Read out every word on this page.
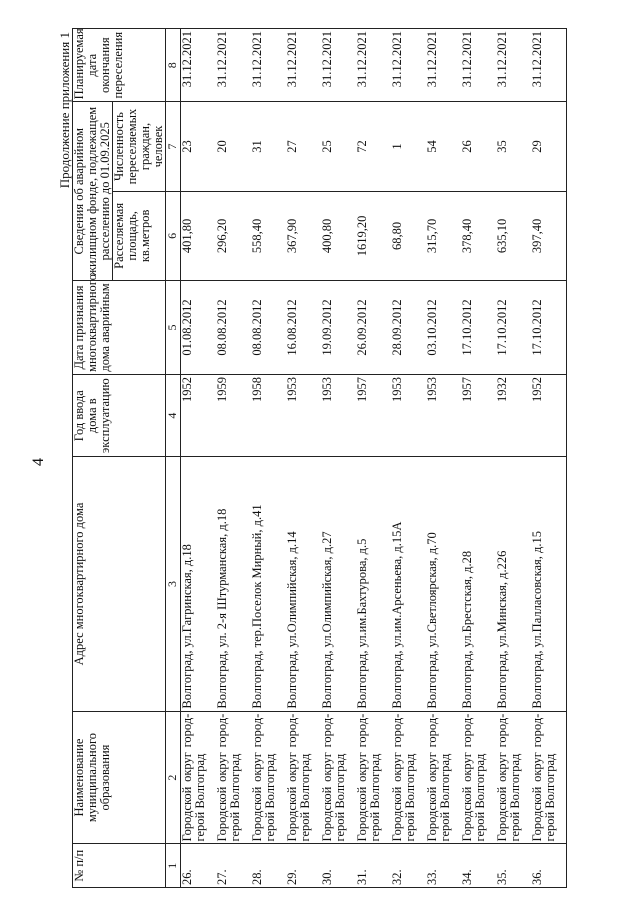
Продолжение приложения 1
№ п/п	Наименование муниципального образования	Адрес многоквартирного дома	Год ввода дома в эксплуатацию	Дата признания многоквартирного дома аварийным	Сведения об аварийном жилищном фонде, подлежащем расселению до 01.09.2025		Планируемая дата окончания переселения
					Расселяемая площадь, кв.метров	Численность переселяемых граждан, человек	
1	2	3	4	5	6	7	8
26.	Городской округ город-герой Волгоград	Волгоград, ул.Гагринская, д.18	1952	01.08.2012	401,80	23	31.12.2021
27.	Городской округ город-герой Волгоград	Волгоград, ул. 2-я Штурманская, д.18	1959	08.08.2012	296,20	20	31.12.2021
28.	Городской округ город-герой Волгоград	Волгоград, тер.Поселок Мирный, д.41	1958	08.08.2012	558,40	31	31.12.2021
29.	Городской округ город-герой Волгоград	Волгоград, ул.Олимпийская, д.14	1953	16.08.2012	367,90	27	31.12.2021
30.	Городской округ город-герой Волгоград	Волгоград, ул.Олимпийская, д.27	1953	19.09.2012	400,80	25	31.12.2021
31.	Городской округ город-герой Волгоград	Волгоград, ул.им.Бахтурова, д.5	1957	26.09.2012	1619,20	72	31.12.2021
32.	Городской округ город-герой Волгоград	Волгоград, ул.им.Арсеньева, д.15А	1953	28.09.2012	68,80	1	31.12.2021
33.	Городской округ город-герой Волгоград	Волгоград, ул.Светлоярская, д.70	1953	03.10.2012	315,70	54	31.12.2021
34.	Городской округ город-герой Волгоград	Волгоград, ул.Брестская, д.28	1957	17.10.2012	378,40	26	31.12.2021
35.	Городской округ город-герой Волгоград	Волгоград, ул.Минская, д.226	1932	17.10.2012	635,10	35	31.12.2021
36.	Городской округ город-герой Волгоград	Волгоград, ул.Палласовская, д.15	1952	17.10.2012	397,40	29	31.12.2021
4
